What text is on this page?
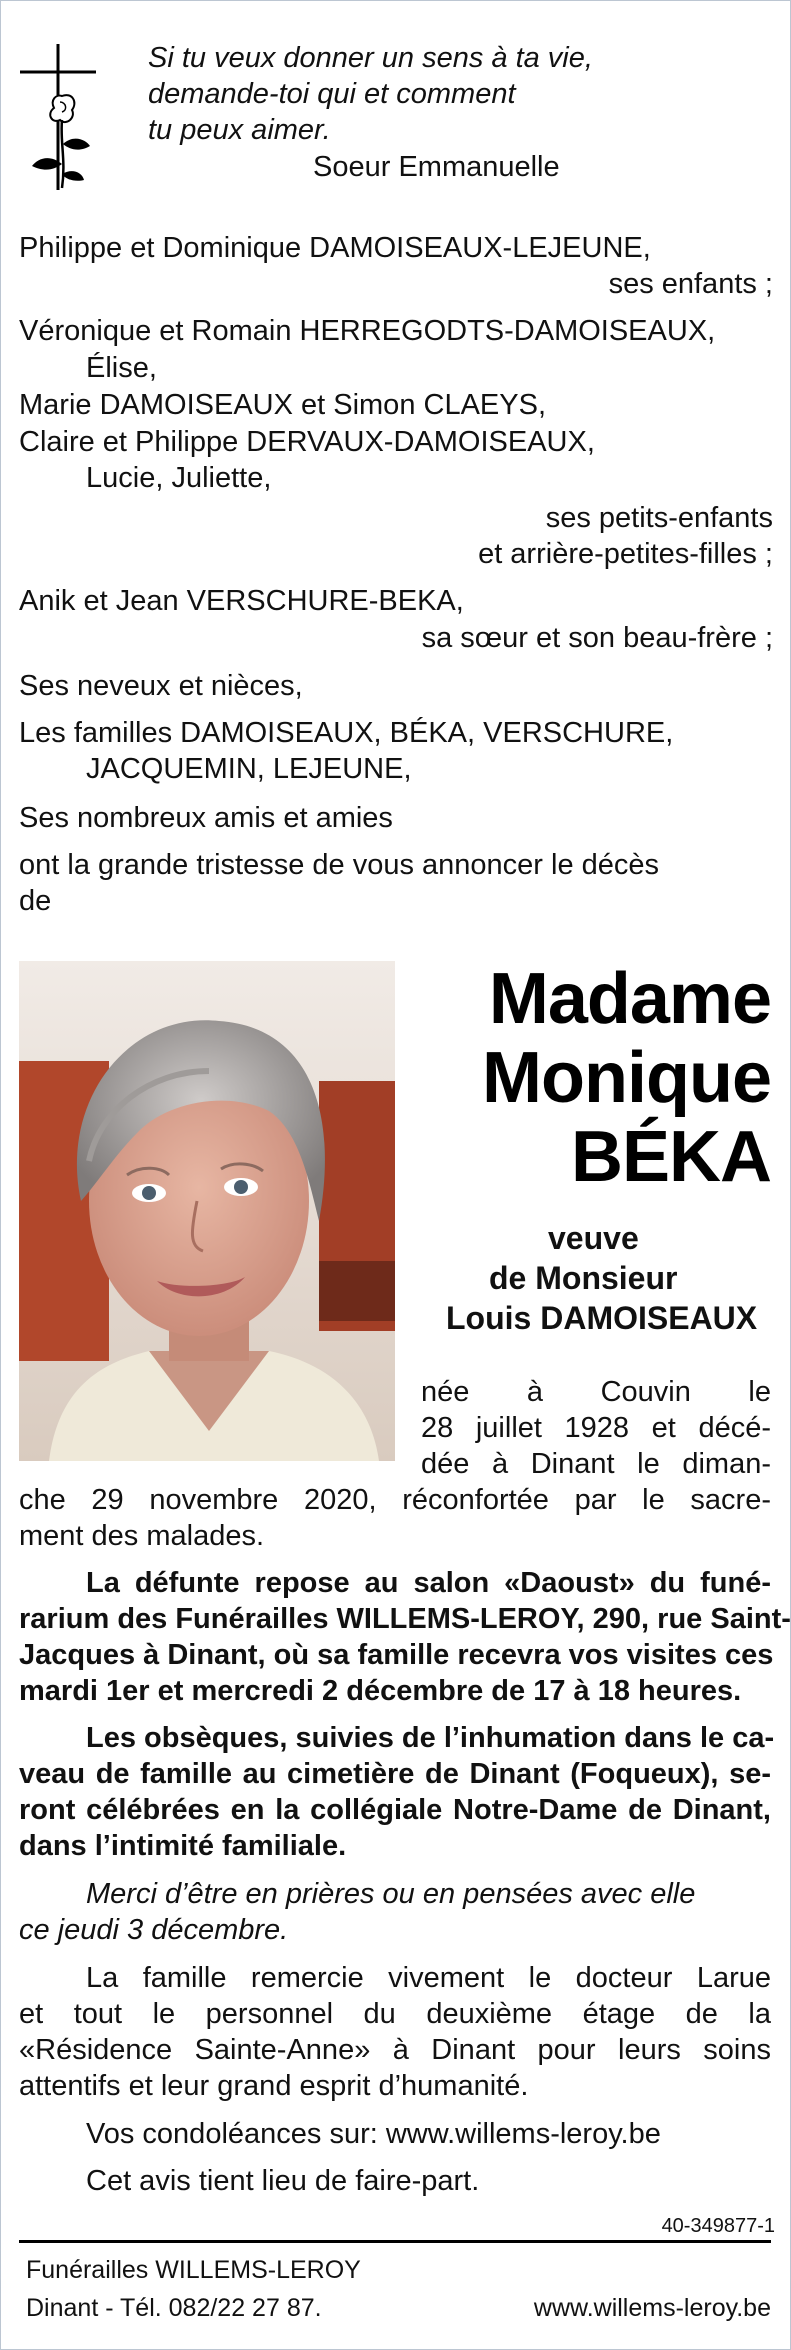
Si tu veux donner un sens à ta vie,
demande-toi qui et comment
tu peux aimer.
Soeur Emmanuelle
Philippe et Dominique DAMOISEAUX-LEJEUNE,
ses enfants ;
Véronique et Romain HERREGODTS-DAMOISEAUX,
Élise,
Marie DAMOISEAUX et Simon CLAEYS,
Claire et Philippe DERVAUX-DAMOISEAUX,
Lucie, Juliette,
ses petits-enfants
et arrière-petites-filles ;
Anik et Jean VERSCHURE-BEKA,
sa sœur et son beau-frère ;
Ses neveux et nièces,
Les familles DAMOISEAUX, BÉKA, VERSCHURE,
JACQUEMIN, LEJEUNE,
Ses nombreux amis et amies
ont la grande tristesse de vous annoncer le décès
de
Madame
Monique
BÉKA
veuve
de Monsieur
Louis DAMOISEAUX
née à Couvin le
28 juillet 1928 et décé-
dée à Dinant le diman-
che 29 novembre 2020, réconfortée par le sacre-
ment des malades.
La défunte repose au salon «Daoust» du funé-
rarium des Funérailles WILLEMS-LEROY, 290, rue Saint-
Jacques à Dinant, où sa famille recevra vos visites ces
mardi 1er et mercredi 2 décembre de 17 à 18 heures.
Les obsèques, suivies de l’inhumation dans le ca-
veau de famille au cimetière de Dinant (Foqueux), se-
ront célébrées en la collégiale Notre-Dame de Dinant,
dans l’intimité familiale.
Merci d’être en prières ou en pensées avec elle
ce jeudi 3 décembre.
La famille remercie vivement le docteur Larue
et tout le personnel du deuxième étage de la
«Résidence Sainte-Anne» à Dinant pour leurs soins
attentifs et leur grand esprit d’humanité.
Vos condoléances sur: www.willems-leroy.be
Cet avis tient lieu de faire-part.
40-349877-1
Funérailles WILLEMS-LEROY
Dinant - Tél. 082/22 27 87.	www.willems-leroy.be
